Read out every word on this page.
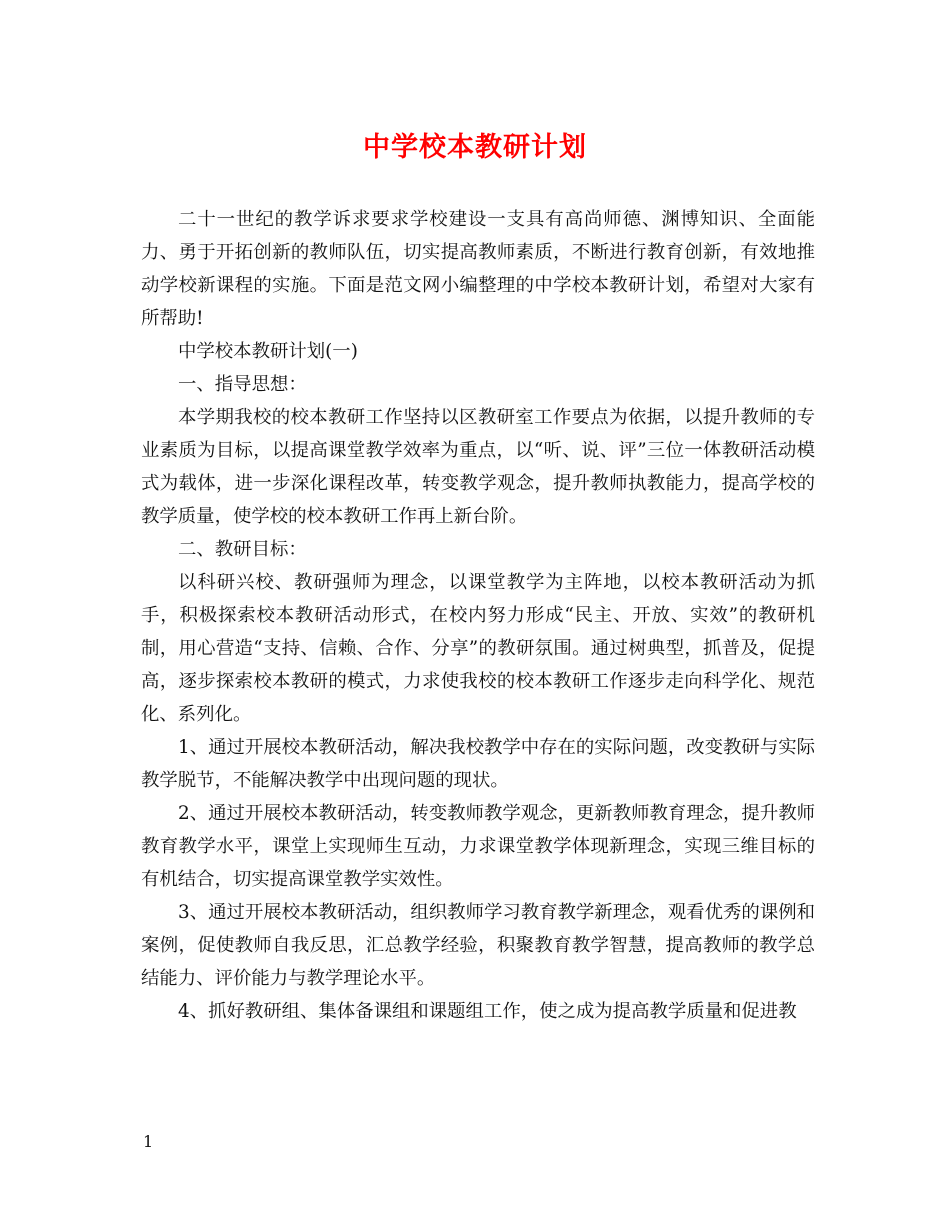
中学校本教研计划

二十一世纪的教学诉求要求学校建设一支具有高尚师德、渊博知识、全面能力、勇于开拓创新的教师队伍，切实提高教师素质，不断进行教育创新，有效地推动学校新课程的实施。下面是范文网小编整理的中学校本教研计划，希望对大家有所帮助!

中学校本教研计划(一)

一、指导思想：

本学期我校的校本教研工作坚持以区教研室工作要点为依据，以提升教师的专业素质为目标，以提高课堂教学效率为重点，以“听、说、评”三位一体教研活动模式为载体，进一步深化课程改革，转变教学观念，提升教师执教能力，提高学校的教学质量，使学校的校本教研工作再上新台阶。

二、教研目标：

以科研兴校、教研强师为理念，以课堂教学为主阵地，以校本教研活动为抓手，积极探索校本教研活动形式，在校内努力形成“民主、开放、实效”的教研机制，用心营造“支持、信赖、合作、分享”的教研氛围。通过树典型，抓普及，促提高，逐步探索校本教研的模式，力求使我校的校本教研工作逐步走向科学化、规范化、系列化。

1、通过开展校本教研活动，解决我校教学中存在的实际问题，改变教研与实际教学脱节，不能解决教学中出现问题的现状。

2、通过开展校本教研活动，转变教师教学观念，更新教师教育理念，提升教师教育教学水平，课堂上实现师生互动，力求课堂教学体现新理念，实现三维目标的有机结合，切实提高课堂教学实效性。

3、通过开展校本教研活动，组织教师学习教育教学新理念，观看优秀的课例和案例，促使教师自我反思，汇总教学经验，积聚教育教学智慧，提高教师的教学总结能力、评价能力与教学理论水平。

4、抓好教研组、集体备课组和课题组工作，使之成为提高教学质量和促进教

1
